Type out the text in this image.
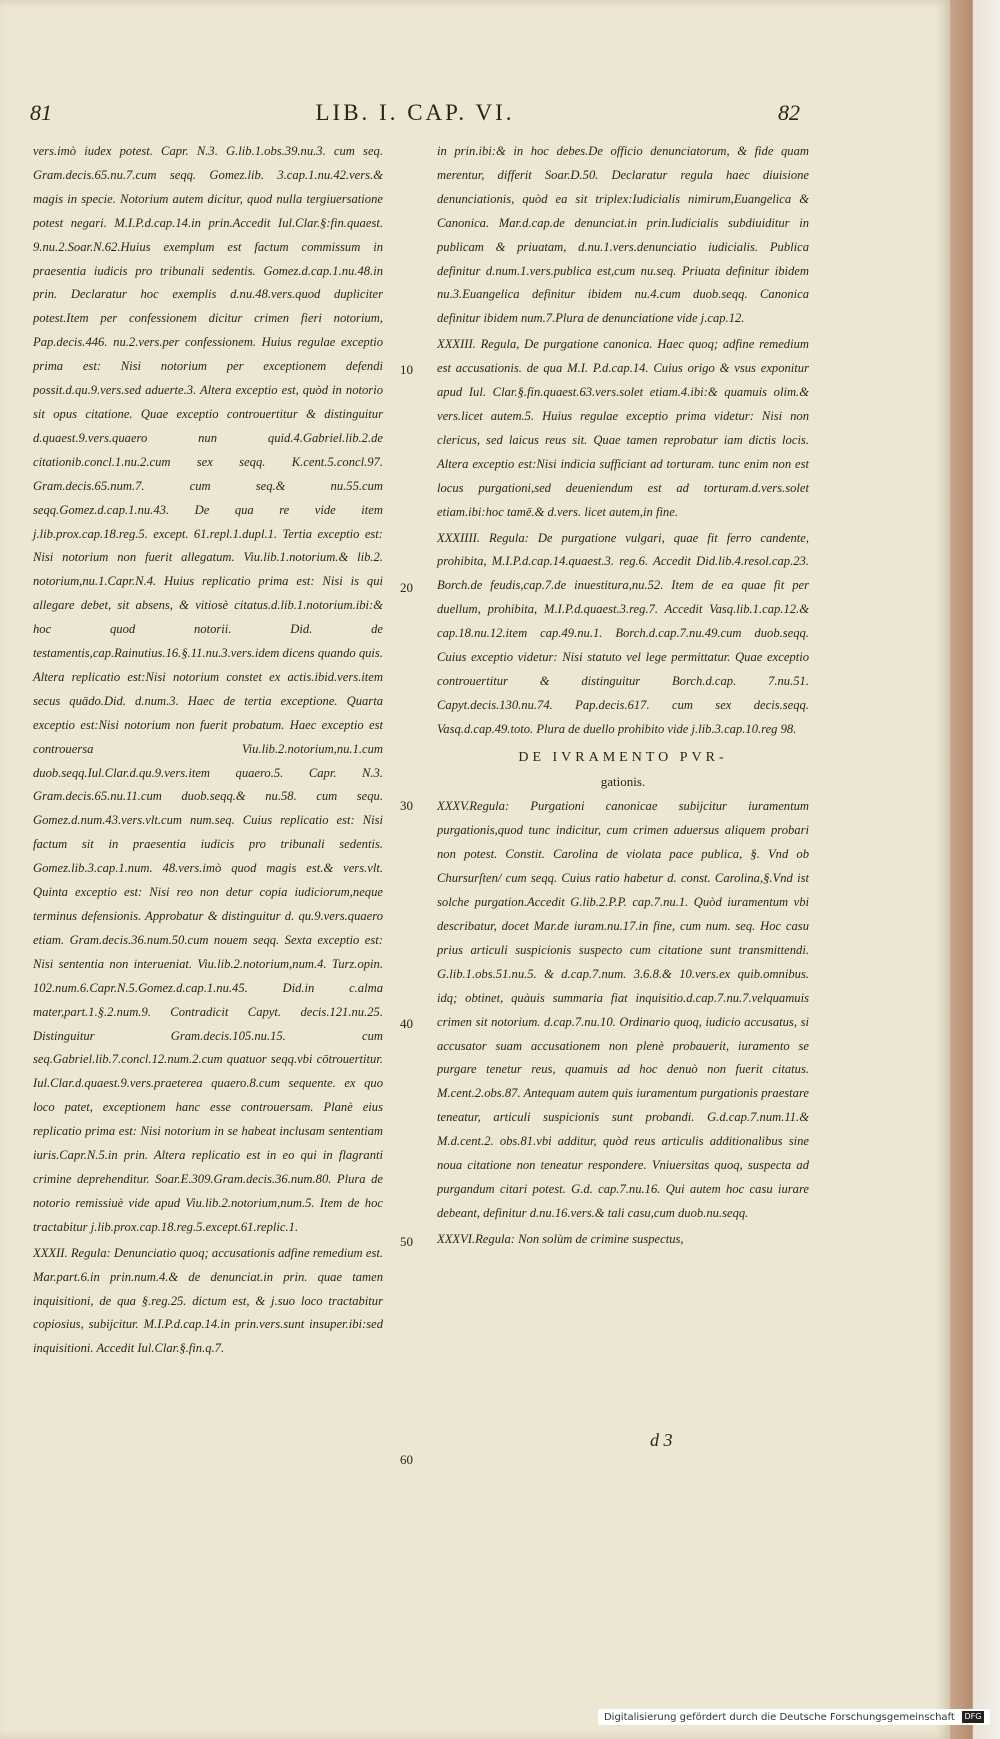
81	LIB. I. CAP. VI.	82

vers.imò iudex potest. Capr. N.3. G.lib.1.obs.39.nu.3. cum seq. Gram.decis.65.nu.7.cum seqq. Gomez.lib. 3.cap.1.nu.42.vers.& magis in specie. Notorium autem dicitur, quod nulla tergiuersatione potest negari. M.I.P.d.cap.14.in prin.Accedit Iul.Clar.§:fin.quaest. 9.nu.2.Soar.N.62.Huius exemplum est factum commissum in praesentia iudicis pro tribunali sedentis. Gomez.d.cap.1.nu.48.in prin. Declaratur hoc exemplis d.nu.48.vers.quod dupliciter potest.Item per confessionem dicitur crimen fieri notorium, Pap.decis.446. nu.2.vers.per confessionem. Huius regulae exceptio prima est: Nisi notorium per exceptionem defendi possit.d.qu.9.vers.sed aduerte.3. Altera exceptio est, quòd in notorio sit opus citatione. Quae exceptio controuertitur & distinguitur d.quaest.9.vers.quaero nun quid.4.Gabriel.lib.2.de citationib.concl.1.nu.2.cum sex seqq. K.cent.5.concl.97. Gram.decis.65.num.7. cum seq.& nu.55.cum seqq.Gomez.d.cap.1.nu.43. De qua re vide item j.lib.prox.cap.18.reg.5. except. 61.repl.1.dupl.1. Tertia exceptio est: Nisi notorium non fuerit allegatum. Viu.lib.1.notorium.& lib.2. notorium,nu.1.Capr.N.4. Huius replicatio prima est: Nisi is qui allegare debet, sit absens, & vitiosè citatus.d.lib.1.notorium.ibi:& hoc quod notorii. Did. de testamentis,cap.Rainutius.16.§.11.nu.3.vers.idem dicens quando quis. Altera replicatio est:Nisi notorium constet ex actis.ibid.vers.item secus quādo.Did. d.num.3. Haec de tertia exceptione. Quarta exceptio est:Nisi notorium non fuerit probatum. Haec exceptio est controuersa Viu.lib.2.notorium,nu.1.cum duob.seqq.Iul.Clar.d.qu.9.vers.item quaero.5. Capr. N.3. Gram.decis.65.nu.11.cum duob.seqq.& nu.58. cum sequ. Gomez.d.num.43.vers.vlt.cum num.seq. Cuius replicatio est: Nisi factum sit in praesentia iudicis pro tribunali sedentis. Gomez.lib.3.cap.1.num. 48.vers.imò quod magis est.& vers.vlt. Quinta exceptio est: Nisi reo non detur copia iudiciorum,neque terminus defensionis. Approbatur & distinguitur d. qu.9.vers.quaero etiam. Gram.decis.36.num.50.cum nouem seqq. Sexta exceptio est: Nisi sententia non interueniat. Viu.lib.2.notorium,num.4. Turz.opin. 102.num.6.Capr.N.5.Gomez.d.cap.1.nu.45. Did.in c.alma mater,part.1.§.2.num.9. Contradicit Capyt. decis.121.nu.25. Distinguitur Gram.decis.105.nu.15. cum seq.Gabriel.lib.7.concl.12.num.2.cum quatuor seqq.vbi cōtrouertitur. Iul.Clar.d.quaest.9.vers.praeterea quaero.8.cum sequente. ex quo loco patet, exceptionem hanc esse controuersam. Planè eius replicatio prima est: Nisi notorium in se habeat inclusam sententiam iuris.Capr.N.5.in prin. Altera replicatio est in eo qui in flagranti crimine deprehenditur. Soar.E.309.Gram.decis.36.num.80. Plura de notorio remissiuè vide apud Viu.lib.2.notorium,num.5. Item de hoc tractabitur j.lib.prox.cap.18.reg.5.except.61.replic.1.

XXXII. Regula: Denunciatio quoq; accusationis adfine remedium est. Mar.part.6.in prin.num.4.& de denunciat.in prin. quae tamen inquisitioni, de qua §.reg.25. dictum est, & j.suo loco tractabitur copiosius, subijcitur. M.I.P.d.cap.14.in prin.vers.sunt insuper.ibi:sed inquisitioni. Accedit Iul.Clar.§.fin.q.7.

10
20
30
40
50
60

in prin.ibi:& in hoc debes.De officio denunciatorum, & fide quam merentur, differit Soar.D.50. Declaratur regula haec diuisione denunciationis, quòd ea sit triplex:Iudicialis nimirum,Euangelica & Canonica. Mar.d.cap.de denunciat.in prin.Iudicialis subdiuiditur in publicam & priuatam, d.nu.1.vers.denunciatio iudicialis. Publica definitur d.num.1.vers.publica est,cum nu.seq. Priuata definitur ibidem nu.3.Euangelica definitur ibidem nu.4.cum duob.seqq. Canonica definitur ibidem num.7.Plura de denunciatione vide j.cap.12.

XXXIII. Regula, De purgatione canonica. Haec quoq; adfine remedium est accusationis. de qua M.I. P.d.cap.14. Cuius origo & vsus exponitur apud Iul. Clar.§.fin.quaest.63.vers.solet etiam.4.ibi:& quamuis olim.& vers.licet autem.5. Huius regulae exceptio prima videtur: Nisi non clericus, sed laicus reus sit. Quae tamen reprobatur iam dictis locis. Altera exceptio est:Nisi indicia sufficiant ad torturam. tunc enim non est locus purgationi,sed deueniendum est ad torturam.d.vers.solet etiam.ibi:hoc tamē.& d.vers. licet autem,in fine.

XXXIIII. Regula: De purgatione vulgari, quae fit ferro candente, prohibita, M.I.P.d.cap.14.quaest.3. reg.6. Accedit Did.lib.4.resol.cap.23. Borch.de feudis,cap.7.de inuestitura,nu.52. Item de ea quae fit per duellum, prohibita, M.I.P.d.quaest.3.reg.7. Accedit Vasq.lib.1.cap.12.& cap.18.nu.12.item cap.49.nu.1. Borch.d.cap.7.nu.49.cum duob.seqq. Cuius exceptio videtur: Nisi statuto vel lege permittatur. Quae exceptio controuertitur & distinguitur Borch.d.cap. 7.nu.51. Capyt.decis.130.nu.74. Pap.decis.617. cum sex decis.seqq. Vasq.d.cap.49.toto. Plura de duello prohibito vide j.lib.3.cap.10.reg 98.

DE IVRAMENTO PVR-
gationis.

XXXV.Regula: Purgationi canonicae subijcitur iuramentum purgationis,quod tunc indicitur, cum crimen aduersus aliquem probari non potest. Constit. Carolina de violata pace publica, §. Vnd ob Chursurſten/ cum seqq. Cuius ratio habetur d. const. Carolina,§.Vnd ist solche purgation.Accedit G.lib.2.P.P. cap.7.nu.1. Quòd iuramentum vbi describatur, docet Mar.de iuram.nu.17.in fine, cum num. seq. Hoc casu prius articuli suspicionis suspecto cum citatione sunt transmittendi. G.lib.1.obs.51.nu.5. & d.cap.7.num. 3.6.8.& 10.vers.ex quib.omnibus. idq; obtinet, quàuis summaria fiat inquisitio.d.cap.7.nu.7.velquamuis crimen sit notorium. d.cap.7.nu.10. Ordinario quoq, iudicio accusatus, si accusator suam accusationem non plenè probauerit, iuramento se purgare tenetur reus, quamuis ad hoc denuò non fuerit citatus. M.cent.2.obs.87. Antequam autem quis iuramentum purgationis praestare teneatur, articuli suspicionis sunt probandi. G.d.cap.7.num.11.& M.d.cent.2. obs.81.vbi additur, quòd reus articulis additionalibus sine noua citatione non teneatur respondere. Vniuersitas quoq, suspecta ad purgandum citari potest. G.d. cap.7.nu.16. Qui autem hoc casu iurare debeant, definitur d.nu.16.vers.& tali casu,cum duob.nu.seqq.

XXXVI.Regula: Non solùm de crimine suspectus,

d 3
Digitalisierung gefördert durch die Deutsche Forschungsgemeinschaft DFG
